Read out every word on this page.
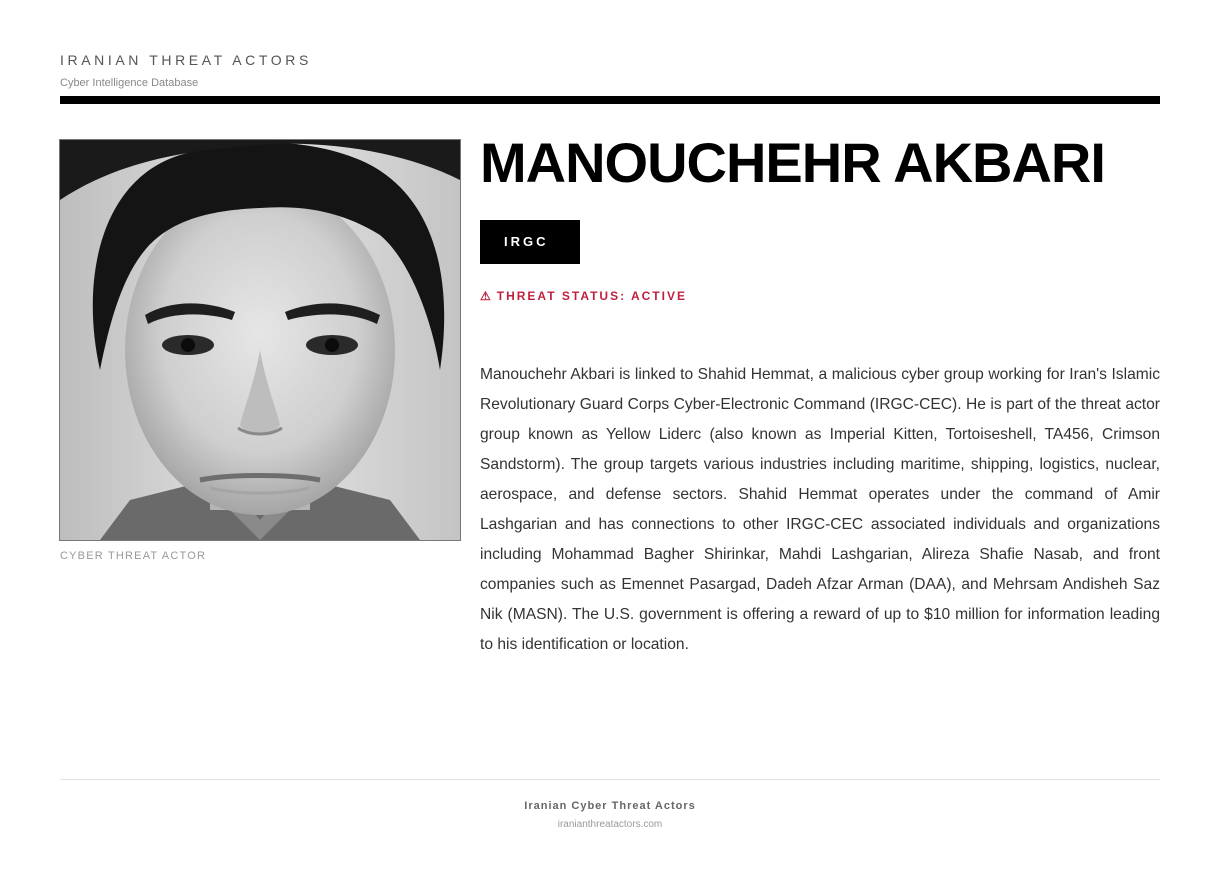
IRANIAN THREAT ACTORS
Cyber Intelligence Database
CYBER THREAT ACTOR
MANOUCHEHR AKBARI
IRGC
⚠ THREAT STATUS: ACTIVE

Manouchehr Akbari is linked to Shahid Hemmat, a malicious cyber group working for Iran's Islamic Revolutionary Guard Corps Cyber-Electronic Command (IRGC-CEC). He is part of the threat actor group known as Yellow Liderc (also known as Imperial Kitten, Tortoiseshell, TA456, Crimson Sandstorm). The group targets various industries including maritime, shipping, logistics, nuclear, aerospace, and defense sectors. Shahid Hemmat operates under the command of Amir Lashgarian and has connections to other IRGC-CEC associated individuals and organizations including Mohammad Bagher Shirinkar, Mahdi Lashgarian, Alireza Shafie Nasab, and front companies such as Emennet Pasargad, Dadeh Afzar Arman (DAA), and Mehrsam Andisheh Saz Nik (MASN). The U.S. government is offering a reward of up to $10 million for information leading to his identification or location.

Iranian Cyber Threat Actors
iranianthreatactors.com
